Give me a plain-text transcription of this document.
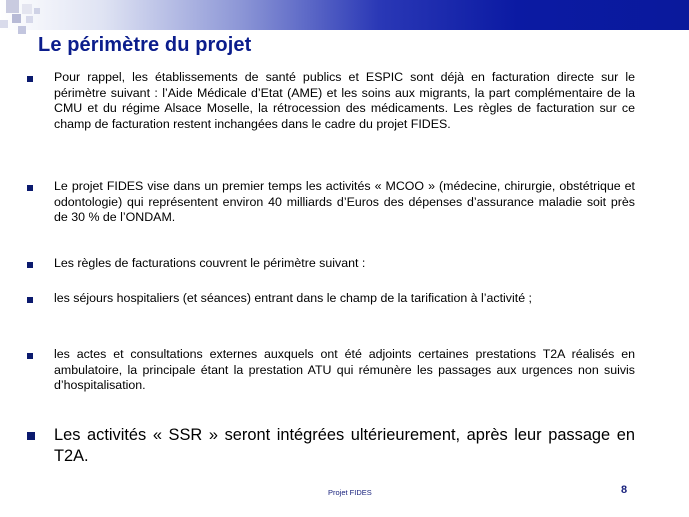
Le périmètre du projet
Pour rappel, les établissements de santé publics et ESPIC sont déjà en facturation directe sur le périmètre suivant : l’Aide Médicale d’Etat (AME) et les soins aux migrants, la part complémentaire de la CMU et du régime Alsace Moselle, la rétrocession des médicaments. Les règles de facturation sur ce champ de facturation restent inchangées dans le cadre du projet FIDES.
Le projet FIDES vise dans un premier temps les activités « MCOO » (médecine, chirurgie, obstétrique et odontologie) qui représentent environ 40 milliards d’Euros des dépenses d’assurance maladie soit près de 30 % de l’ONDAM.
Les règles de facturations couvrent le périmètre suivant :
les séjours hospitaliers (et séances) entrant dans le champ de la tarification à l’activité ;
les actes et consultations externes auxquels ont été adjoints certaines prestations T2A réalisés en ambulatoire, la principale étant la prestation ATU qui rémunère les passages aux urgences non suivis d’hospitalisation.
Les activités « SSR » seront intégrées ultérieurement, après leur passage en T2A.
Projet FIDES	8
